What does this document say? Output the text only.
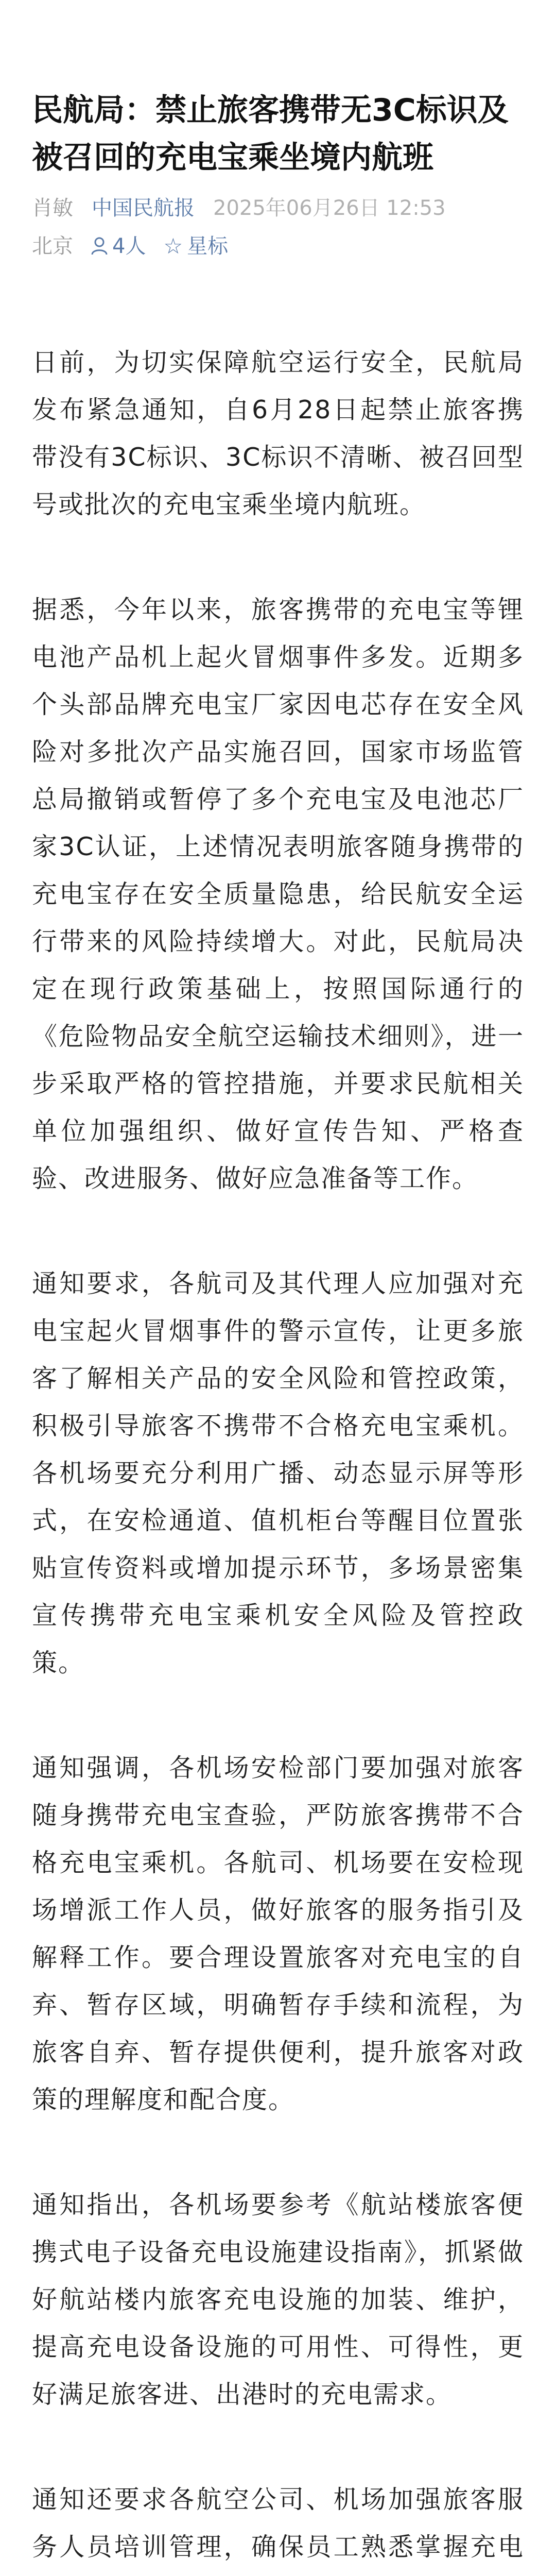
民航局：禁止旅客携带无3C标识及被召回的充电宝乘坐境内航班
肖敏 中国民航报 2025年06月26日 12:53
北京 4人 ☆ 星标

日前，为切实保障航空运行安全，民航局发布紧急通知，自6月28日起禁止旅客携带没有3C标识、3C标识不清晰、被召回型号或批次的充电宝乘坐境内航班。

据悉，今年以来，旅客携带的充电宝等锂电池产品机上起火冒烟事件多发。近期多个头部品牌充电宝厂家因电芯存在安全风险对多批次产品实施召回，国家市场监管总局撤销或暂停了多个充电宝及电池芯厂家3C认证，上述情况表明旅客随身携带的充电宝存在安全质量隐患，给民航安全运行带来的风险持续增大。对此，民航局决定在现行政策基础上，按照国际通行的《危险物品安全航空运输技术细则》，进一步采取严格的管控措施，并要求民航相关单位加强组织、做好宣传告知、严格查验、改进服务、做好应急准备等工作。

通知要求，各航司及其代理人应加强对充电宝起火冒烟事件的警示宣传，让更多旅客了解相关产品的安全风险和管控政策，积极引导旅客不携带不合格充电宝乘机。各机场要充分利用广播、动态显示屏等形式，在安检通道、值机柜台等醒目位置张贴宣传资料或增加提示环节，多场景密集宣传携带充电宝乘机安全风险及管控政策。

通知强调，各机场安检部门要加强对旅客随身携带充电宝查验，严防旅客携带不合格充电宝乘机。各航司、机场要在安检现场增派工作人员，做好旅客的服务指引及解释工作。要合理设置旅客对充电宝的自弃、暂存区域，明确暂存手续和流程，为旅客自弃、暂存提供便利，提升旅客对政策的理解度和配合度。

通知指出，各机场要参考《航站楼旅客便携式电子设备充电设施建设指南》，抓紧做好航站楼内旅客充电设施的加装、维护，提高充电设备设施的可用性、可得性，更好满足旅客进、出港时的充电需求。

通知还要求各航空公司、机场加强旅客服务人员培训管理，确保员工熟悉掌握充电
